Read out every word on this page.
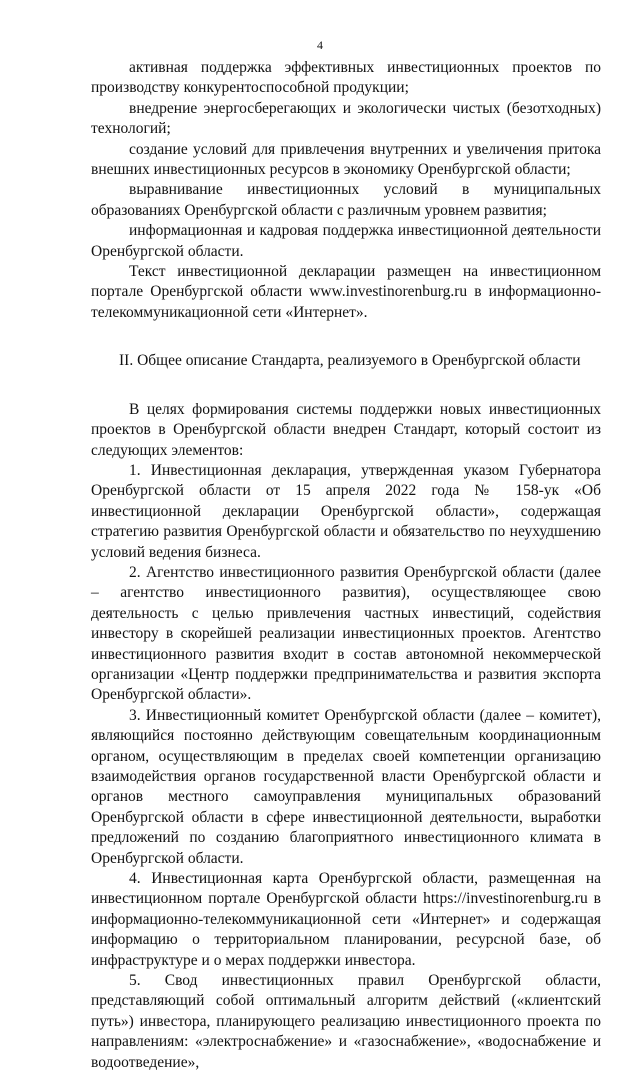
4

активная поддержка эффективных инвестиционных проектов по производству конкурентоспособной продукции;

внедрение энергосберегающих и экологически чистых (безотходных) технологий;

создание условий для привлечения внутренних и увеличения притока внешних инвестиционных ресурсов в экономику Оренбургской области;

выравнивание инвестиционных условий в муниципальных образованиях Оренбургской области с различным уровнем развития;

информационная и кадровая поддержка инвестиционной деятельности Оренбургской области.

Текст инвестиционной декларации размещен на инвестиционном портале Оренбургской области www.investinorenburg.ru в информационно-телекоммуникационной сети «Интернет».

II. Общее описание Стандарта, реализуемого в Оренбургской области

В целях формирования системы поддержки новых инвестиционных проектов в Оренбургской области внедрен Стандарт, который состоит из следующих элементов:

1. Инвестиционная декларация, утвержденная указом Губернатора Оренбургской области от 15 апреля 2022 года № 158-ук «Об инвестиционной декларации Оренбургской области», содержащая стратегию развития Оренбургской области и обязательство по неухудшению условий ведения бизнеса.

2. Агентство инвестиционного развития Оренбургской области (далее – агентство инвестиционного развития), осуществляющее свою деятельность с целью привлечения частных инвестиций, содействия инвестору в скорейшей реализации инвестиционных проектов. Агентство инвестиционного развития входит в состав автономной некоммерческой организации «Центр поддержки предпринимательства и развития экспорта Оренбургской области».

3. Инвестиционный комитет Оренбургской области (далее – комитет), являющийся постоянно действующим совещательным координационным органом, осуществляющим в пределах своей компетенции организацию взаимодействия органов государственной власти Оренбургской области и органов местного самоуправления муниципальных образований Оренбургской области в сфере инвестиционной деятельности, выработки предложений по созданию благоприятного инвестиционного климата в Оренбургской области.

4. Инвестиционная карта Оренбургской области, размещенная на инвестиционном портале Оренбургской области https://investinorenburg.ru в информационно-телекоммуникационной сети «Интернет» и содержащая информацию о территориальном планировании, ресурсной базе, об инфраструктуре и о мерах поддержки инвестора.

5. Свод инвестиционных правил Оренбургской области, представляющий собой оптимальный алгоритм действий («клиентский путь») инвестора, планирующего реализацию инвестиционного проекта по направлениям: «электроснабжение» и «газоснабжение», «водоснабжение и водоотведение»,
